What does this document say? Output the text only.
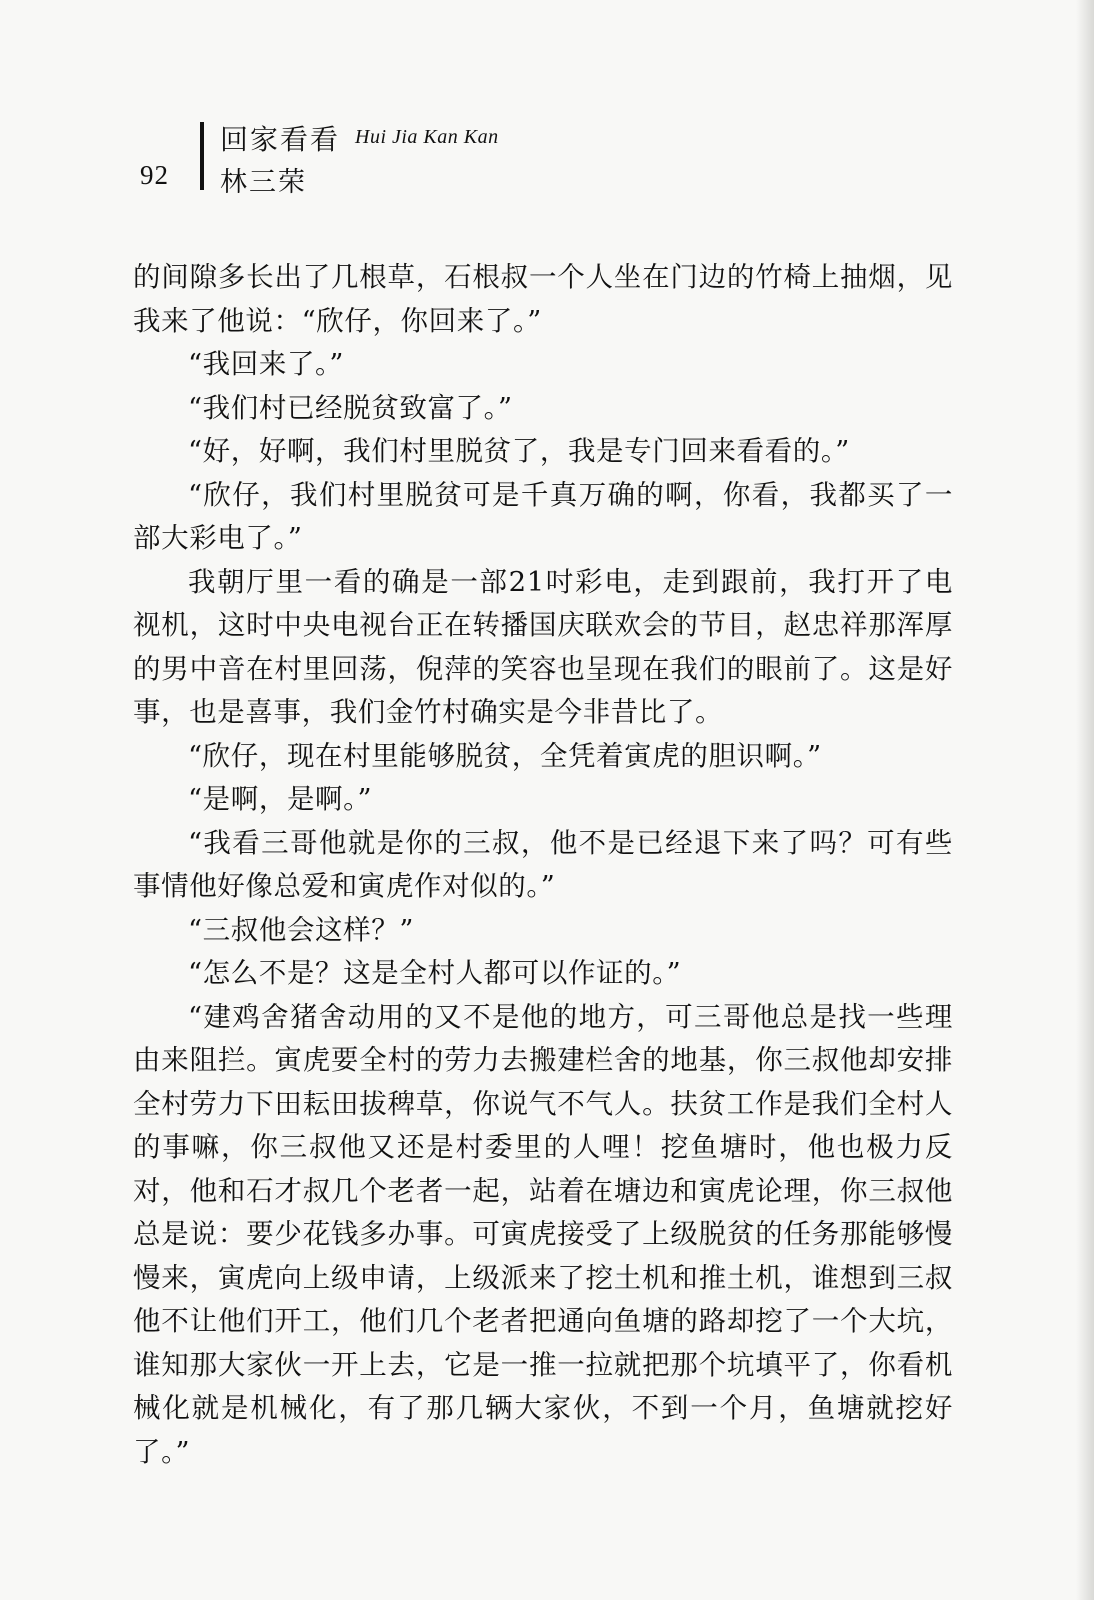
92
回家看看 Hui Jia Kan Kan
林三荣

的间隙多长出了几根草，石根叔一个人坐在门边的竹椅上抽烟，见我来了他说：“欣仔，你回来了。”

“我回来了。”

“我们村已经脱贫致富了。”

“好，好啊，我们村里脱贫了，我是专门回来看看的。”

“欣仔，我们村里脱贫可是千真万确的啊，你看，我都买了一部大彩电了。”

我朝厅里一看的确是一部21吋彩电，走到跟前，我打开了电视机，这时中央电视台正在转播国庆联欢会的节目，赵忠祥那浑厚的男中音在村里回荡，倪萍的笑容也呈现在我们的眼前了。这是好事，也是喜事，我们金竹村确实是今非昔比了。

“欣仔，现在村里能够脱贫，全凭着寅虎的胆识啊。”

“是啊，是啊。”

“我看三哥他就是你的三叔，他不是已经退下来了吗？可有些事情他好像总爱和寅虎作对似的。”

“三叔他会这样？”

“怎么不是？这是全村人都可以作证的。”

“建鸡舍猪舍动用的又不是他的地方，可三哥他总是找一些理由来阻拦。寅虎要全村的劳力去搬建栏舍的地基，你三叔他却安排全村劳力下田耘田拔稗草，你说气不气人。扶贫工作是我们全村人的事嘛，你三叔他又还是村委里的人哩！挖鱼塘时，他也极力反对，他和石才叔几个老者一起，站着在塘边和寅虎论理，你三叔他总是说：要少花钱多办事。可寅虎接受了上级脱贫的任务那能够慢慢来，寅虎向上级申请，上级派来了挖土机和推土机，谁想到三叔他不让他们开工，他们几个老者把通向鱼塘的路却挖了一个大坑，谁知那大家伙一开上去，它是一推一拉就把那个坑填平了，你看机械化就是机械化，有了那几辆大家伙，不到一个月，鱼塘就挖好了。”
